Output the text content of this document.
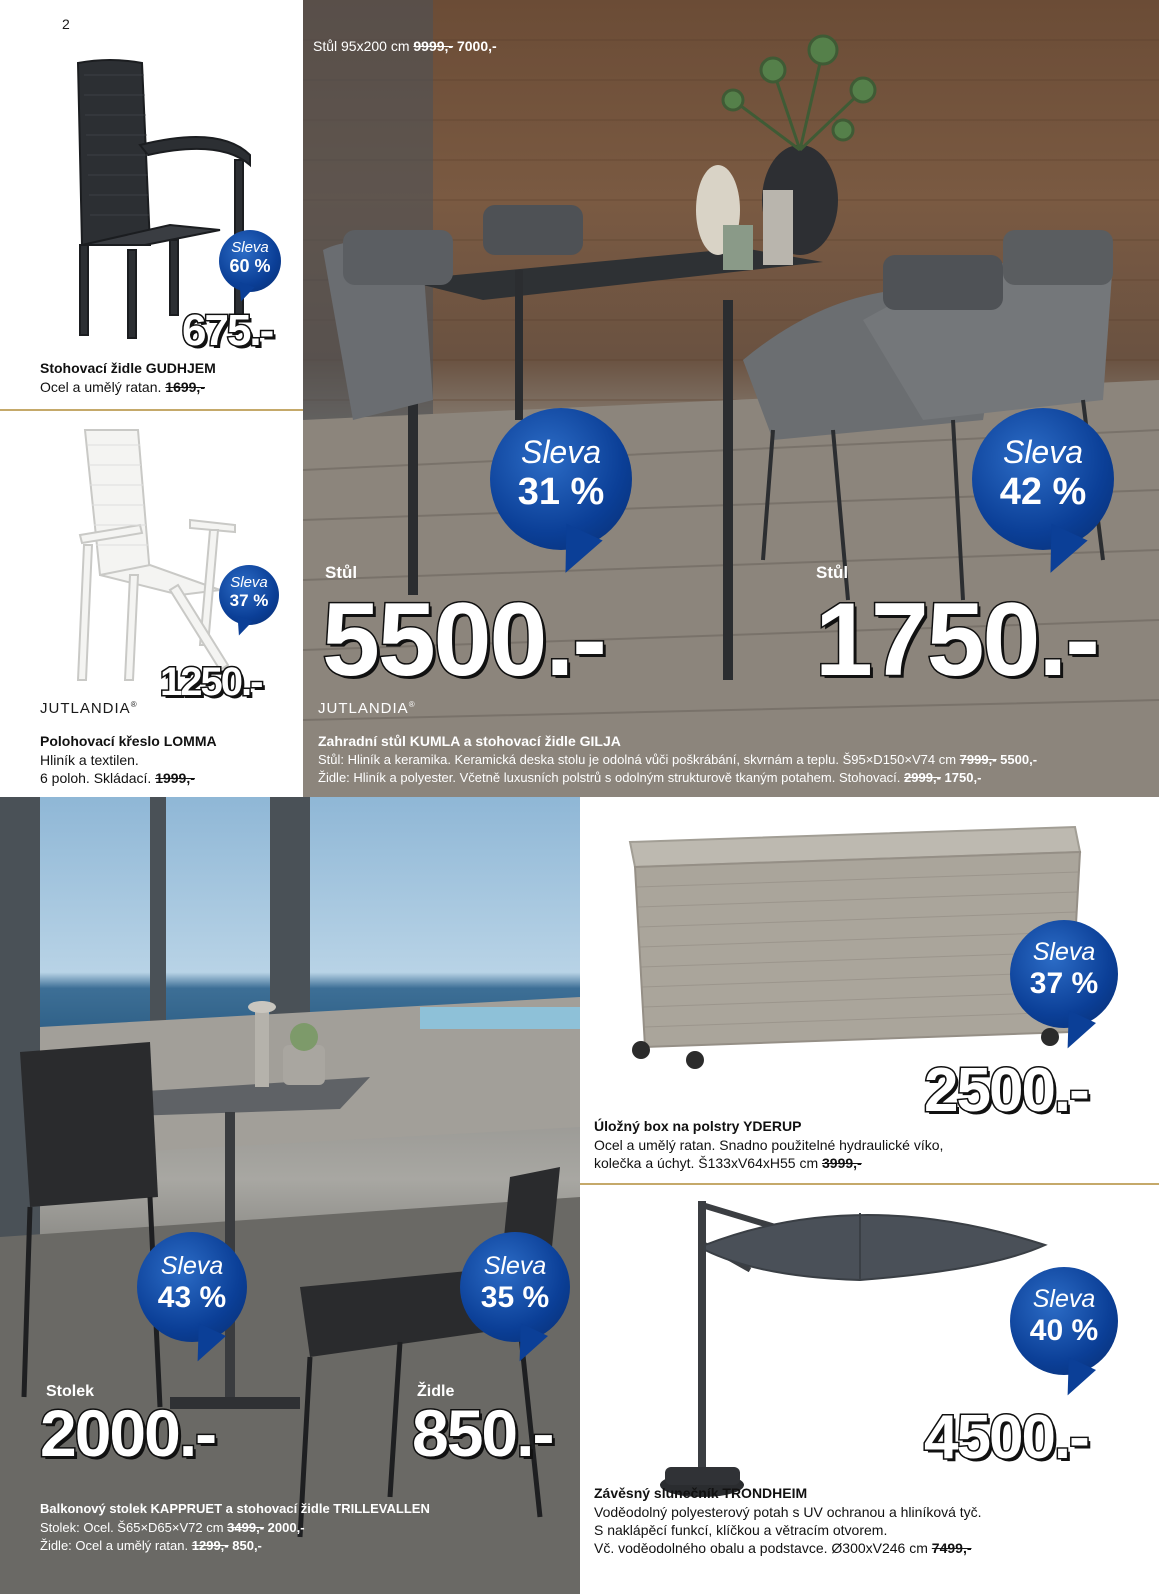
2
Sleva
60 %
675.-
Stohovací židle GUDHJEM
Ocel a umělý ratan. 1699,-
Sleva
37 %
1250.-
JUTLANDIA®
Polohovací křeslo LOMMA
Hliník a textilen.
6 poloh. Skládací. 1999,-
Stůl 95x200 cm 9999,- 7000,-
Sleva
31 %
Sleva
42 %
Stůl
5500.-
Stůl
1750.-
JUTLANDIA®
Zahradní stůl KUMLA a stohovací židle GILJA
Stůl: Hliník a keramika. Keramická deska stolu je odolná vůči poškrábání, skvrnám a teplu. Š95×D150×V74 cm 7999,- 5500,-
Židle: Hliník a polyester. Včetně luxusních polstrů s odolným strukturově tkaným potahem. Stohovací. 2999,- 1750,-
Sleva
43 %
Sleva
35 %
Stolek
2000.-
Židle
850.-
Balkonový stolek KAPPRUET a stohovací židle TRILLEVALLEN
Stolek: Ocel. Š65×D65×V72 cm 3499,- 2000,-
Židle: Ocel a umělý ratan. 1299,- 850,-
Sleva
37 %
2500.-
Úložný box na polstry YDERUP
Ocel a umělý ratan. Snadno použitelné hydraulické víko,
kolečka a úchyt. Š133xV64xH55 cm 3999,-
Sleva
40 %
4500.-
Závěsný slunečník TRONDHEIM
Voděodolný polyesterový potah s UV ochranou a hliníková tyč.
S naklápěcí funkcí, klíčkou a větracím otvorem.
Vč. voděodolného obalu a podstavce. Ø300xV246 cm 7499,-
